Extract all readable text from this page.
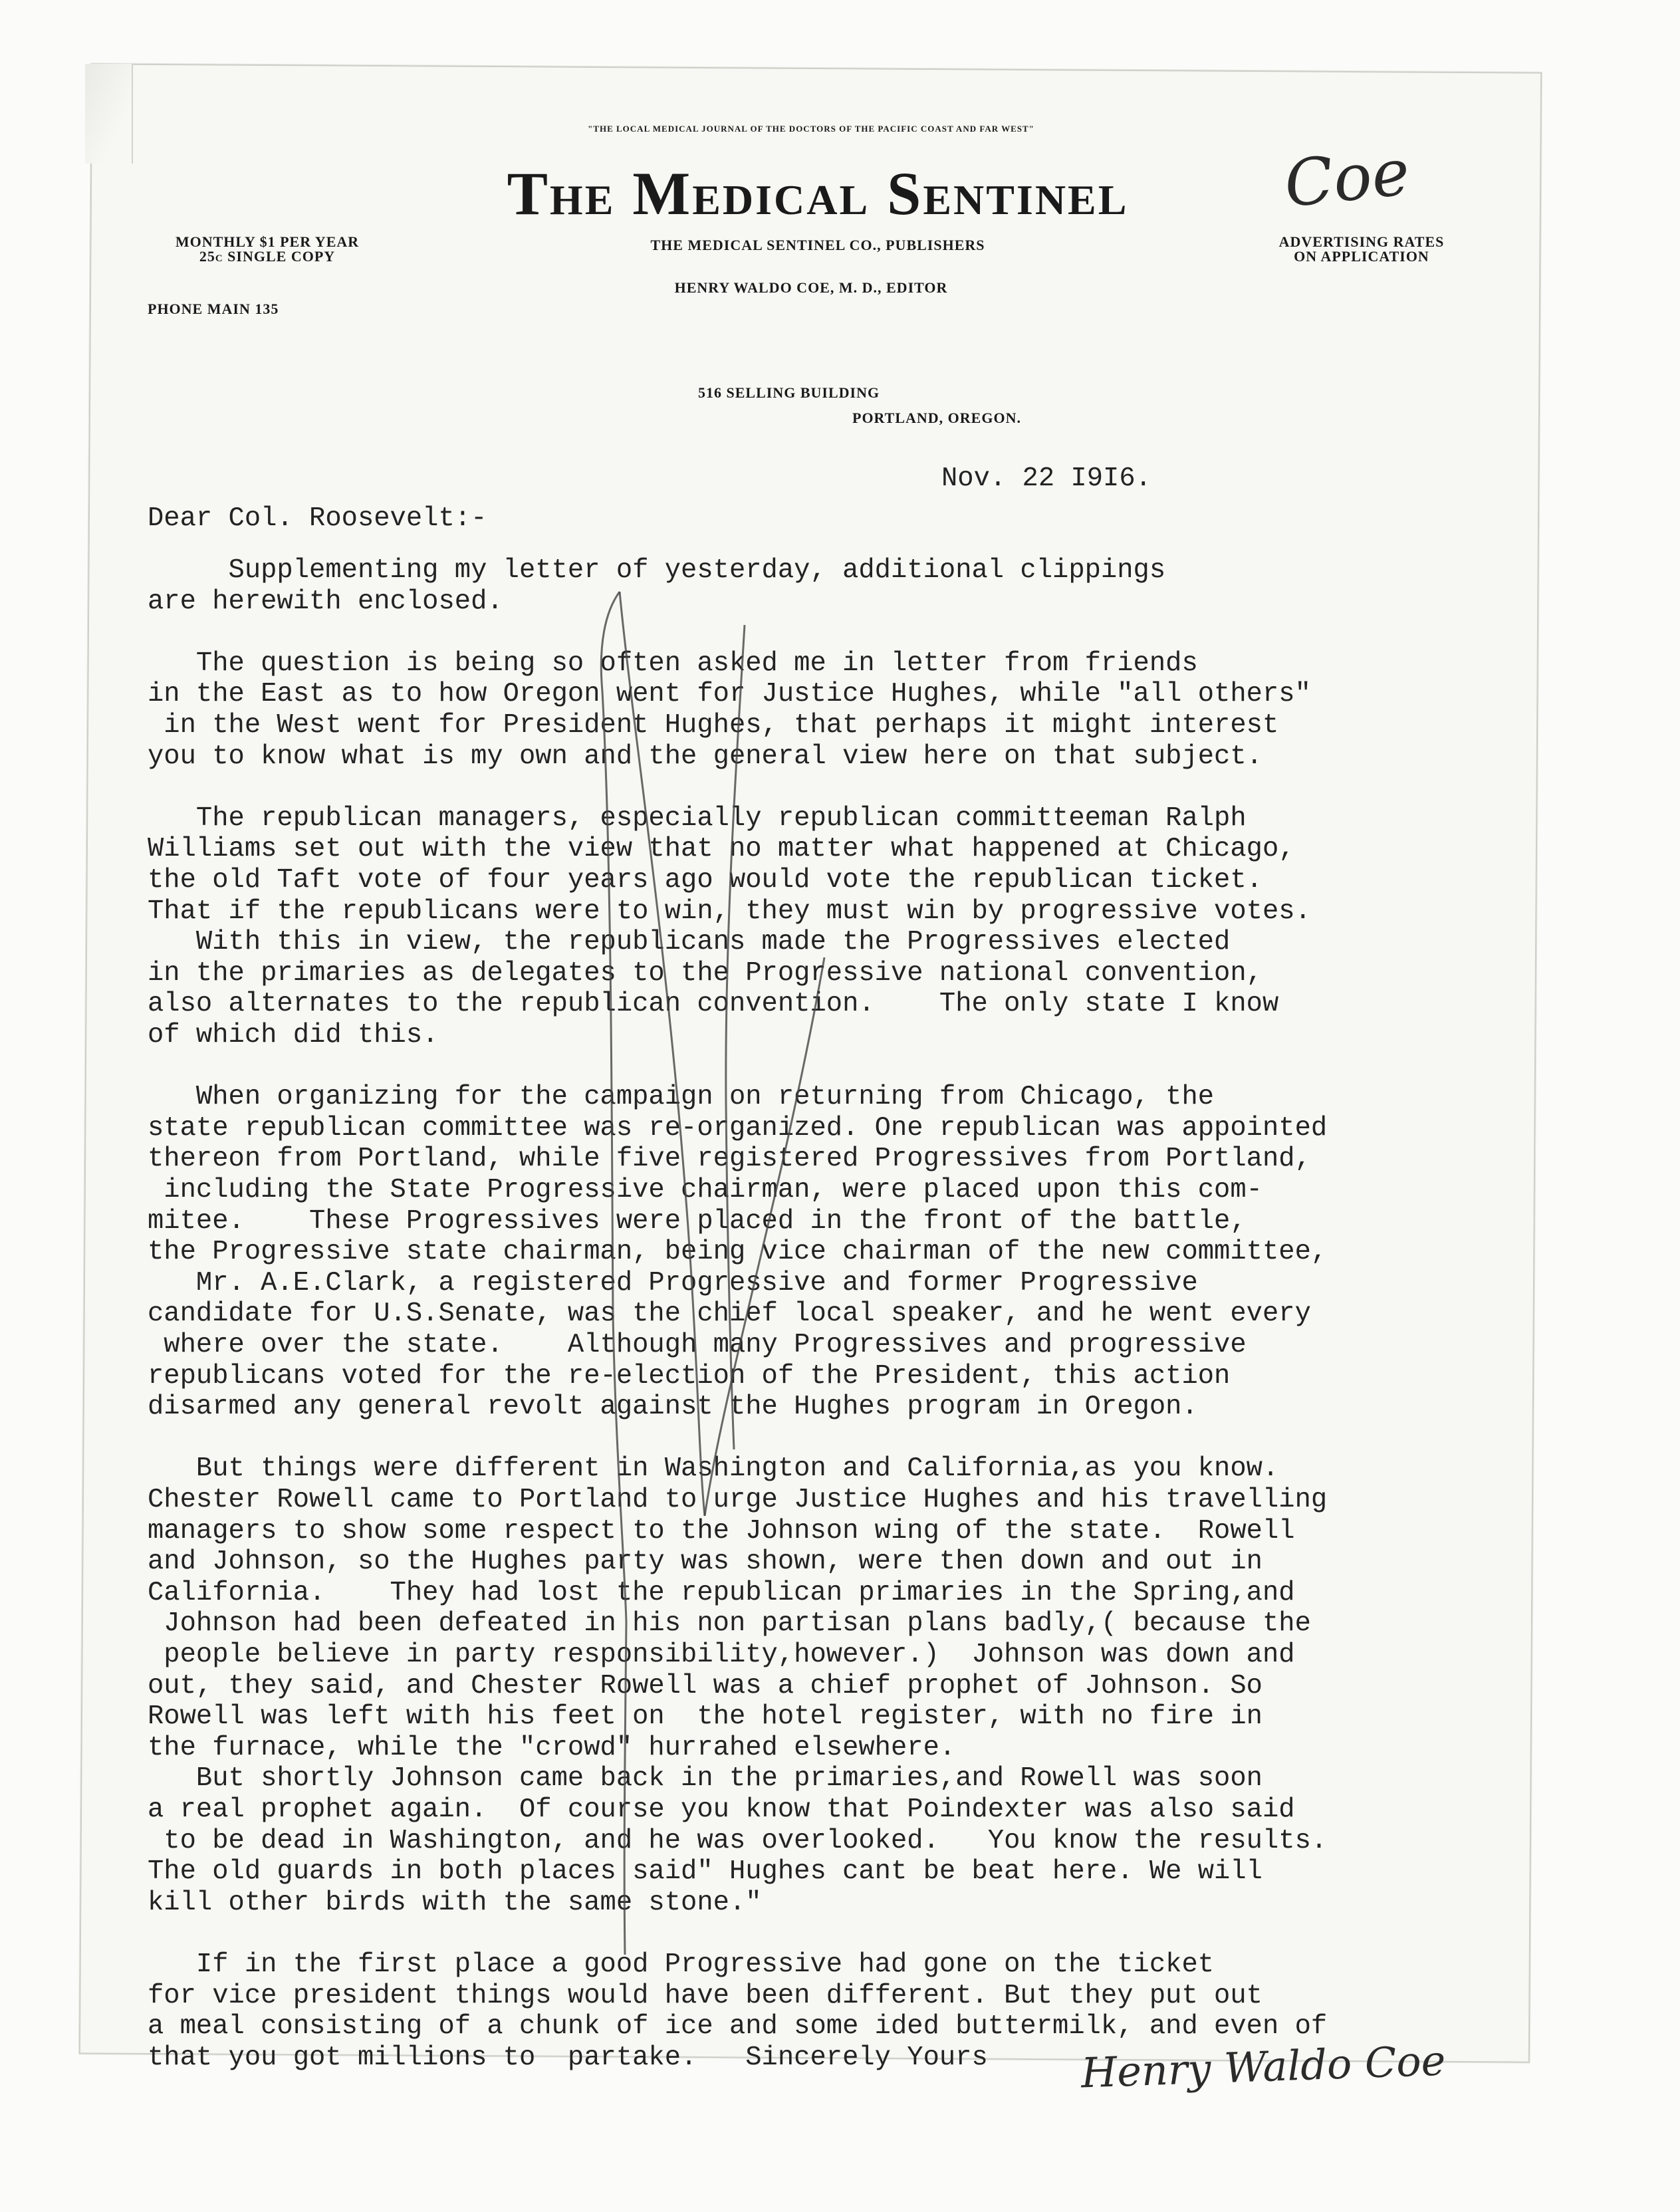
"THE LOCAL MEDICAL JOURNAL OF THE DOCTORS OF THE PACIFIC COAST AND FAR WEST"
The Medical Sentinel
MONTHLY $1 PER YEAR
25c SINGLE COPY
THE MEDICAL SENTINEL CO., PUBLISHERS	ADVERTISING RATES
ON APPLICATION
HENRY WALDO COE, M. D., EDITOR
PHONE MAIN 135
516 SELLING BUILDING
PORTLAND, OREGON.
Coe
Nov. 22 I9I6.
Dear Col. Roosevelt:-
Supplementing my letter of yesterday, additional clippings
are herewith enclosed.
The question is being so often asked me in letter from friends
in the East as to how Oregon went for Justice Hughes, while "all others"
in the West went for President Hughes, that perhaps it might interest
you to know what is my own and the general view here on that subject.
The republican managers, especially republican committeeman Ralph
Williams set out with the view that no matter what happened at Chicago,
the old Taft vote of four years ago would vote the republican ticket.
That if the republicans were to win, they must win by progressive votes.
With this in view, the republicans made the Progressives elected
in the primaries as delegates to the Progressive national convention,
also alternates to the republican convention.    The only state I know
of which did this.
When organizing for the campaign on returning from Chicago, the
state republican committee was re-organized. One republican was appointed
thereon from Portland, while five registered Progressives from Portland,
including the State Progressive chairman, were placed upon this com-
mitee.    These Progressives were placed in the front of the battle,
the Progressive state chairman, being vice chairman of the new committee,
Mr. A.E.Clark, a registered Progressive and former Progressive
candidate for U.S.Senate, was the chief local speaker, and he went every
where over the state.    Although many Progressives and progressive
republicans voted for the re-election of the President, this action
disarmed any general revolt against the Hughes program in Oregon.
But things were different in Washington and California,as you know.
Chester Rowell came to Portland to urge Justice Hughes and his travelling
managers to show some respect to the Johnson wing of the state.  Rowell
and Johnson, so the Hughes party was shown, were then down and out in
California.    They had lost the republican primaries in the Spring,and
Johnson had been defeated in his non partisan plans badly,( because the
people believe in party responsibility,however.)  Johnson was down and
out, they said, and Chester Rowell was a chief prophet of Johnson. So
Rowell was left with his feet on  the hotel register, with no fire in
the furnace, while the "crowd" hurrahed elsewhere.
But shortly Johnson came back in the primaries,and Rowell was soon
a real prophet again.  Of course you know that Poindexter was also said
to be dead in Washington, and he was overlooked.   You know the results.
The old guards in both places said" Hughes cant be beat here. We will
kill other birds with the same stone."
If in the first place a good Progressive had gone on the ticket
for vice president things would have been different. But they put out
a meal consisting of a chunk of ice and some ided buttermilk, and even of
that you got millions to  partake.   Sincerely Yours Henry Waldo Coe
